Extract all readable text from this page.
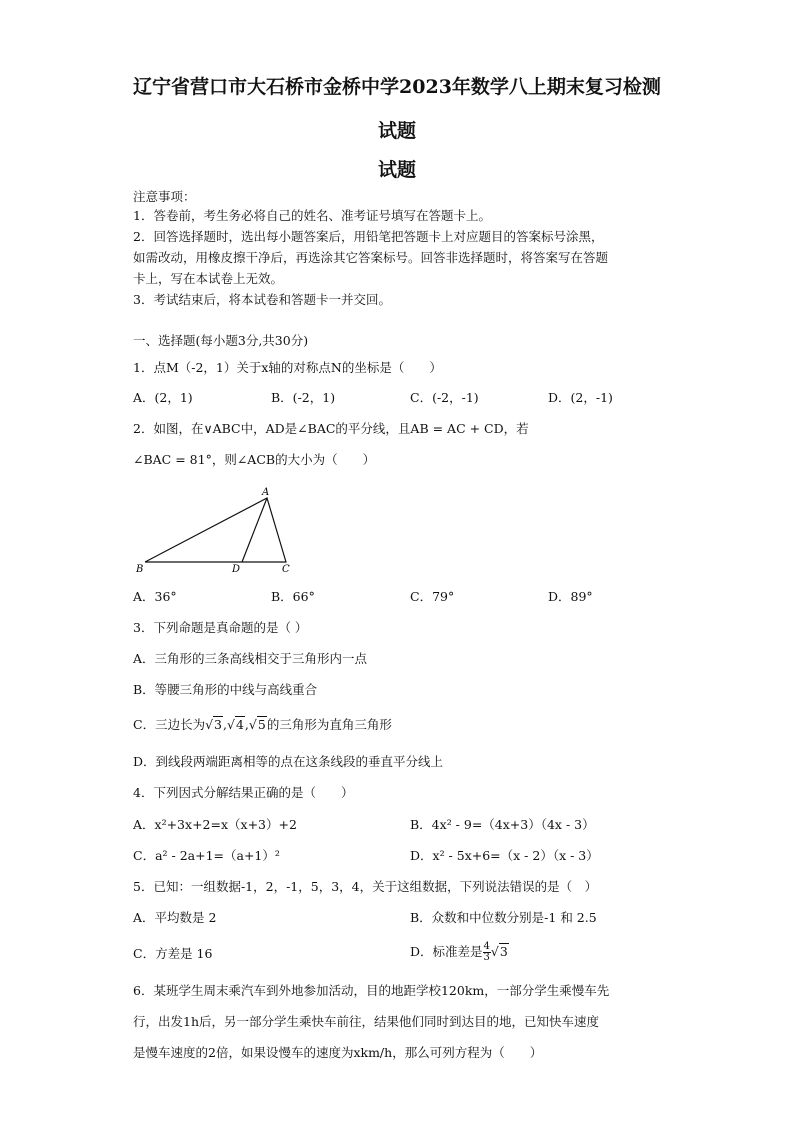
辽宁省营口市大石桥市金桥中学2023年数学八上期末复习检测
试题
试题
注意事项：
1．答卷前，考生务必将自己的姓名、准考证号填写在答题卡上。
2．回答选择题时，选出每小题答案后，用铅笔把答题卡上对应题目的答案标号涂黑，
如需改动，用橡皮擦干净后，再选涂其它答案标号。回答非选择题时，将答案写在答题
卡上，写在本试卷上无效。
3．考试结束后，将本试卷和答题卡一并交回。
一、选择题(每小题3分,共30分)
1．点M（-2，1）关于x轴的对称点N的坐标是（　　）
A．(2，1)	B．(-2，1)	C．(-2，-1)	D．(2，-1)
2．如图，在∨ABC中，AD是∠BAC的平分线，且AB = AC + CD，若
∠BAC = 81°，则∠ACB的大小为（　　）
A
B	D	C
A．36°	B．66°	C．79°	D．89°
3．下列命题是真命题的是（ ）
A．三角形的三条高线相交于三角形内一点
B．等腰三角形的中线与高线重合
C．三边长为√3,√4,√5的三角形为直角三角形
D．到线段两端距离相等的点在这条线段的垂直平分线上
4．下列因式分解结果正确的是（　　）
A．x²+3x+2=x（x+3）+2	B．4x² - 9=（4x+3）（4x - 3）
C．a² - 2a+1=（a+1）²	D．x² - 5x+6=（x - 2）（x - 3）
5．已知：一组数据-1，2，-1，5，3，4，关于这组数据，下列说法错误的是（　）
A．平均数是 2	B．众数和中位数分别是-1 和 2.5
C．方差是 16	D．标准差是 $\frac{4}{3} √3$
6．某班学生周末乘汽车到外地参加活动，目的地距学校120km，一部分学生乘慢车先
行，出发1h后，另一部分学生乘快车前往，结果他们同时到达目的地，已知快车速度
是慢车速度的2倍，如果设慢车的速度为xkm/h，那么可列方程为（　　）
